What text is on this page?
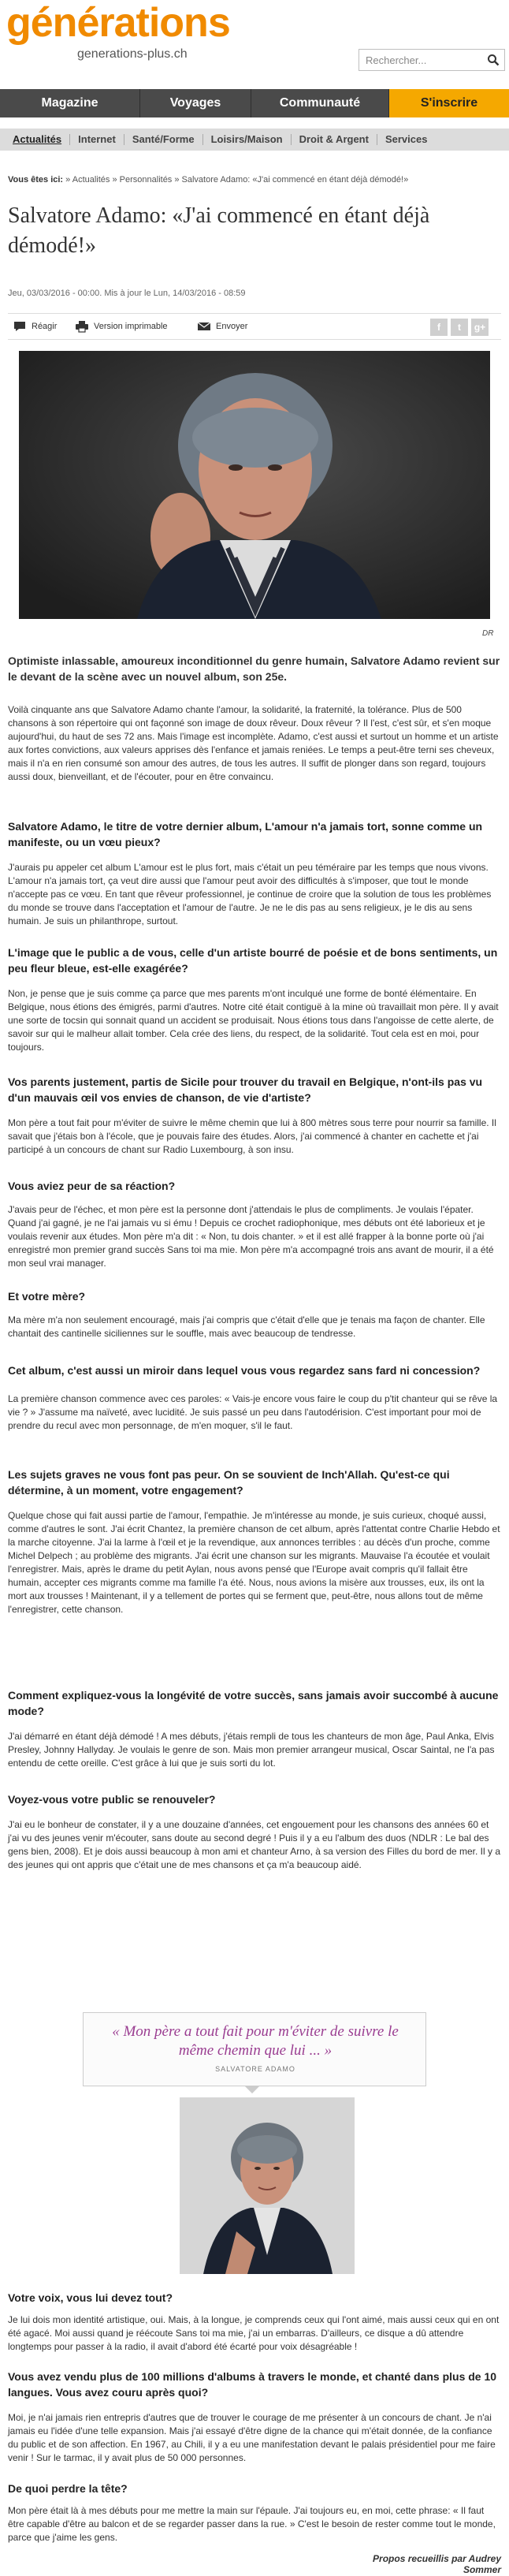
générations
generations-plus.ch
Rechercher...
Magazine	Voyages	Communauté	S'inscrire
Actualités	Internet	Santé/Forme	Loisirs/Maison	Droit & Argent	Services
Vous êtes ici: » Actualités » Personnalités » Salvatore Adamo: «J'ai commencé en étant déjà démodé!»
Salvatore Adamo: «J'ai commencé en étant déjà démodé!»
Jeu, 03/03/2016 - 00:00. Mis à jour le Lun, 14/03/2016 - 08:59
Réagir	Version imprimable	Envoyer	f	t	g+
DR

Optimiste inlassable, amoureux inconditionnel du genre humain, Salvatore Adamo revient sur le devant de la scène avec un nouvel album, son 25e.

Voilà cinquante ans que Salvatore Adamo chante l'amour, la solidarité, la fraternité, la tolérance. Plus de 500 chansons à son répertoire qui ont façonné son image de doux rêveur. Doux rêveur ? Il l'est, c'est sûr, et s'en moque aujourd'hui, du haut de ses 72 ans. Mais l'image est incomplète. Adamo, c'est aussi et surtout un homme et un artiste aux fortes convictions, aux valeurs apprises dès l'enfance et jamais reniées. Le temps a peut-être terni ses cheveux, mais il n'a en rien consumé son amour des autres, de tous les autres. Il suffit de plonger dans son regard, toujours aussi doux, bienveillant, et de l'écouter, pour en être convaincu.

Salvatore Adamo, le titre de votre dernier album, L'amour n'a jamais tort, sonne comme un manifeste, ou un vœu pieux?

J'aurais pu appeler cet album L'amour est le plus fort, mais c'était un peu téméraire par les temps que nous vivons. L'amour n'a jamais tort, ça veut dire aussi que l'amour peut avoir des difficultés à s'imposer, que tout le monde n'accepte pas ce vœu. En tant que rêveur professionnel, je continue de croire que la solution de tous les problèmes du monde se trouve dans l'acceptation et l'amour de l'autre. Je ne le dis pas au sens religieux, je le dis au sens humain. Je suis un philanthrope, surtout.

L'image que le public a de vous, celle d'un artiste bourré de poésie et de bons sentiments, un peu fleur bleue, est-elle exagérée?

Non, je pense que je suis comme ça parce que mes parents m'ont inculqué une forme de bonté élémentaire. En Belgique, nous étions des émigrés, parmi d'autres. Notre cité était contiguë à la mine où travaillait mon père. Il y avait une sorte de tocsin qui sonnait quand un accident se produisait. Nous étions tous dans l'angoisse de cette alerte, de savoir sur qui le malheur allait tomber. Cela crée des liens, du respect, de la solidarité. Tout cela est en moi, pour toujours.

Vos parents justement, partis de Sicile pour trouver du travail en Belgique, n'ont-ils pas vu d'un mauvais œil vos envies de chanson, de vie d'artiste?

Mon père a tout fait pour m'éviter de suivre le même chemin que lui à 800 mètres sous terre pour nourrir sa famille. Il savait que j'étais bon à l'école, que je pouvais faire des études. Alors, j'ai commencé à chanter en cachette et j'ai participé à un concours de chant sur Radio Luxembourg, à son insu.

Vous aviez peur de sa réaction?

J'avais peur de l'échec, et mon père est la personne dont j'attendais le plus de compliments. Je voulais l'épater. Quand j'ai gagné, je ne l'ai jamais vu si ému ! Depuis ce crochet radiophonique, mes débuts ont été laborieux et je voulais revenir aux études. Mon père m'a dit : « Non, tu dois chanter. » et il est allé frapper à la bonne porte où j'ai enregistré mon premier grand succès Sans toi ma mie. Mon père m'a accompagné trois ans avant de mourir, il a été mon seul vrai manager.

Et votre mère?

Ma mère m'a non seulement encouragé, mais j'ai compris que c'était d'elle que je tenais ma façon de chanter. Elle chantait des cantinelle siciliennes sur le souffle, mais avec beaucoup de tendresse.

Cet album, c'est aussi un miroir dans lequel vous vous regardez sans fard ni concession?

La première chanson commence avec ces paroles: « Vais-je encore vous faire le coup du p'tit chanteur qui se rêve la vie ? » J'assume ma naïveté, avec lucidité. Je suis passé un peu dans l'autodérision. C'est important pour moi de prendre du recul avec mon personnage, de m'en moquer, s'il le faut.

Les sujets graves ne vous font pas peur. On se souvient de Inch'Allah. Qu'est-ce qui détermine, à un moment, votre engagement?

Quelque chose qui fait aussi partie de l'amour, l'empathie. Je m'intéresse au monde, je suis curieux, choqué aussi, comme d'autres le sont. J'ai écrit Chantez, la première chanson de cet album, après l'attentat contre Charlie Hebdo et la marche citoyenne. J'ai la larme à l'œil et je la revendique, aux annonces terribles : au décès d'un proche, comme Michel Delpech ; au problème des migrants. J'ai écrit une chanson sur les migrants. Mauvaise l'a écoutée et voulait l'enregistrer. Mais, après le drame du petit Aylan, nous avons pensé que l'Europe avait compris qu'il fallait être humain, accepter ces migrants comme ma famille l'a été. Nous, nous avions la misère aux trousses, eux, ils ont la mort aux trousses ! Maintenant, il y a tellement de portes qui se ferment que, peut-être, nous allons tout de même l'enregistrer, cette chanson.

Comment expliquez-vous la longévité de votre succès, sans jamais avoir succombé à aucune mode?

J'ai démarré en étant déjà démodé ! A mes débuts, j'étais rempli de tous les chanteurs de mon âge, Paul Anka, Elvis Presley, Johnny Hallyday. Je voulais le genre de son. Mais mon premier arrangeur musical, Oscar Saintal, ne l'a pas entendu de cette oreille. C'est grâce à lui que je suis sorti du lot.

Voyez-vous votre public se renouveler?

J'ai eu le bonheur de constater, il y a une douzaine d'années, cet engouement pour les chansons des années 60 et j'ai vu des jeunes venir m'écouter, sans doute au second degré ! Puis il y a eu l'album des duos (NDLR : Le bal des gens bien, 2008). Et je dois aussi beaucoup à mon ami et chanteur Arno, à sa version des Filles du bord de mer. Il y a des jeunes qui ont appris que c'était une de mes chansons et ça m'a beaucoup aidé.

« Mon père a tout fait pour m'éviter de suivre le même chemin que lui ... »
SALVATORE ADAMO

Votre voix, vous lui devez tout?

Je lui dois mon identité artistique, oui. Mais, à la longue, je comprends ceux qui l'ont aimé, mais aussi ceux qui en ont été agacé. Moi aussi quand je réécoute Sans toi ma mie, j'ai un embarras. D'ailleurs, ce disque a dû attendre longtemps pour passer à la radio, il avait d'abord été écarté pour voix désagréable !

Vous avez vendu plus de 100 millions d'albums à travers le monde, et chanté dans plus de 10 langues. Vous avez couru après quoi?

Moi, je n'ai jamais rien entrepris d'autres que de trouver le courage de me présenter à un concours de chant. Je n'ai jamais eu l'idée d'une telle expansion. Mais j'ai essayé d'être digne de la chance qui m'était donnée, de la confiance du public et de son affection. En 1967, au Chili, il y a eu une manifestation devant le palais présidentiel pour me faire venir ! Sur le tarmac, il y avait plus de 50 000 personnes.

De quoi perdre la tête?

Mon père était là à mes débuts pour me mettre la main sur l'épaule. J'ai toujours eu, en moi, cette phrase: « Il faut être capable d'être au balcon et de se regarder passer dans la rue. » C'est le besoin de rester comme tout le monde, parce que j'aime les gens.

Propos recueillis par Audrey Sommer
